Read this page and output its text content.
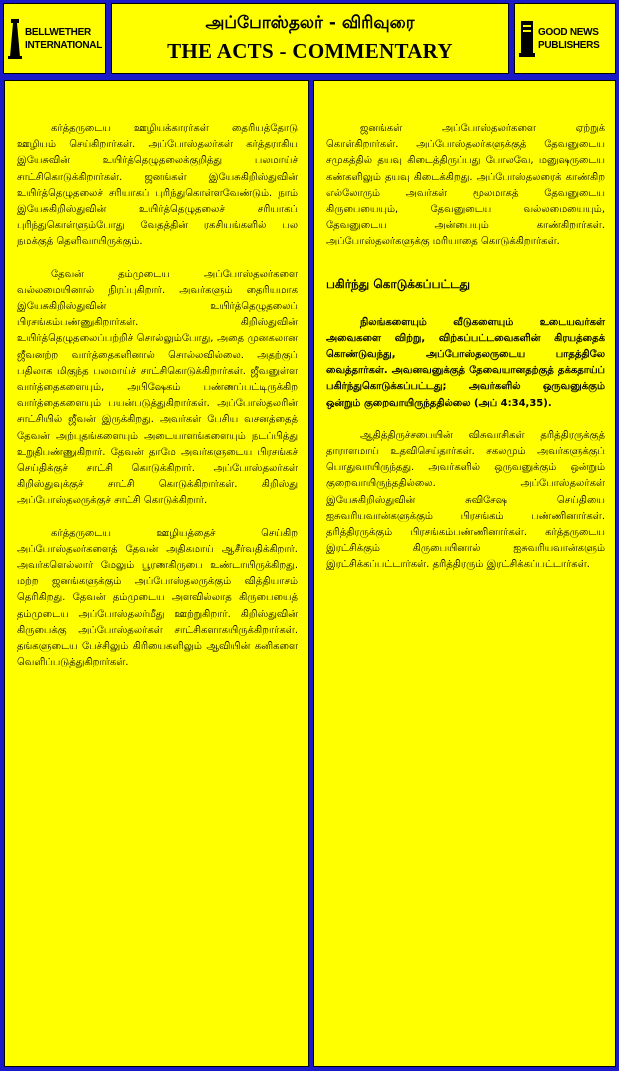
BELLWETHER
INTERNATIONAL
அப்போஸ்தலர் - விரிவுரை
THE ACTS - COMMENTARY
GOOD NEWS
PUBLISHERS

கர்த்தருடைய ஊழியக்காரர்கள் தைரியத்தோடு ஊழியம் செய்கிறார்கள். அப்போஸ்தலர்கள் கர்த்தராகிய இயேசுவின் உயிர்த்தெழுதலைக்குறித்து பலமாய்ச் சாட்சிகொடுக்கிறார்கள். ஜனங்கள் இயேசுகிறிஸ்துவின் உயிர்த்தெழுதலைச் சரியாகப் புரிந்துகொள்ளவேண்டும். நாம் இயேசுகிறிஸ்துவின் உயிர்த்தெழுதலைச் சரியாகப் புரிந்துகொள்ளும்போது வேதத்தின் ரகசியங்களில் பல நமக்குத் தெளிவாயிருக்கும்.

தேவன் தம்முடைய அப்போஸ்தலர்களை வல்லமையினால் நிரப்புகிறார். அவர்களும் தைரியமாக இயேசுகிறிஸ்துவின் உயிர்த்தெழுதலைப் பிரசங்கம்பண்ணுகிறார்கள். கிறிஸ்துவின் உயிர்த்தெழுதலைப்பற்றிச் சொல்லும்போது, அதை முனகலான ஜீவனற்ற வார்த்தைகளினால் சொல்லவில்லை. அதற்குப் பதிலாக மிகுந்த பலமாய்ச் சாட்சிகொடுக்கிறார்கள். ஜீவனுள்ள வார்த்தைகளையும், அபிஷேகம் பண்ணப்பட்டிருக்கிற வார்த்தைகளையும் பயன்படுத்துகிறார்கள். அப்போஸ்தலரின் சாட்சியில் ஜீவன் இருக்கிறது. அவர்கள் பேசிய வசனத்தைத் தேவன் அற்புதங்களையும் அடையாளங்களையும் நடப்பித்து உறுதிபண்ணுகிறார். தேவன் தாமே அவர்களுடைய பிரசங்கச் செய்திக்குச் சாட்சி கொடுக்கிறார். அப்போஸ்தலர்கள் கிறிஸ்துவுக்குச் சாட்சி கொடுக்கிறார்கள். கிறிஸ்து அப்போஸ்தலருக்குச் சாட்சி கொடுக்கிறார்.

கர்த்தருடைய ஊழியத்தைச் செய்கிற அப்போஸ்தலர்களைத் தேவன் அதிகமாய் ஆசீர்வதிக்கிறார். அவர்களெல்லார் மேலும் பூரணகிருபை உண்டாயிருக்கிறது. மற்ற ஜனங்களுக்கும் அப்போஸ்தலருக்கும் வித்தியாசம் தெரிகிறது. தேவன் தம்முடைய அளவில்லாத கிருபையைத் தம்முடைய அப்போஸ்தலர்மீது ஊற்றுகிறார். கிறிஸ்துவின் கிருபைக்கு அப்போஸ்தலர்கள் சாட்சிகளாகயிருக்கிறார்கள். தங்களுடைய பேச்சிலும் கிரியைகளிலும் ஆவியின் கனிகளை வெளிப்படுத்துகிறார்கள்.

ஜனங்கள் அப்போஸ்தலர்களை ஏற்றுக் கொள்கிறார்கள். அப்போஸ்தலர்களுக்குத் தேவனுடைய சமுகத்தில் தயவு கிடைத்திருப்பது போலவே, மனுஷருடைய கண்களிலும் தயவு கிடைக்கிறது. அப்போஸ்தலரைக் காண்கிற எல்லோரும் அவர்கள் மூலமாகத் தேவனுடைய கிருபையையும், தேவனுடைய வல்லமையையும், தேவனுடைய அன்பையும் காண்கிறார்கள். அப்போஸ்தலர்களுக்கு மரியாதை கொடுக்கிறார்கள்.

பகிர்ந்து கொடுக்கப்பட்டது

நிலங்களையும் வீடுகளையும் உடையவர்கள் அவைகளை விற்று, விற்கப்பட்டவைகளின் கிரயத்தைக் கொண்டுவந்து, அப்போஸ்தலருடைய பாதத்திலே வைத்தார்கள். அவனவனுக்குத் தேவையானதற்குத் தக்கதாய்ப் பகிர்ந்துகொடுக்கப்பட்டது; அவர்களில் ஒருவனுக்கும் ஒன்றும் குறைவாயிருந்ததில்லை (அப் 4:34,35).

ஆதித்திருச்சபையின் விசுவாசிகள் தரித்திரருக்குத் தாராளமாய் உதவிசெய்தார்கள். சகலமும் அவர்களுக்குப் பொதுவாயிருந்தது. அவர்களில் ஒருவனுக்கும் ஒன்றும் குறைவாயிருந்ததில்லை. அப்போஸ்தலர்கள் இயேசுகிறிஸ்துவின் சுவிசேஷ செய்தியை ஐசுவரியவான்களுக்கும் பிரசங்கம் பண்ணினார்கள். தரித்திரருக்கும் பிரசங்கம்பண்ணினார்கள். கர்த்தருடைய இரட்சிக்கும் கிருபையினால் ஐசுவரியவான்களும் இரட்சிக்கப்பட்டார்கள். தரித்திரரும் இரட்சிக்கப்பட்டார்கள்.
